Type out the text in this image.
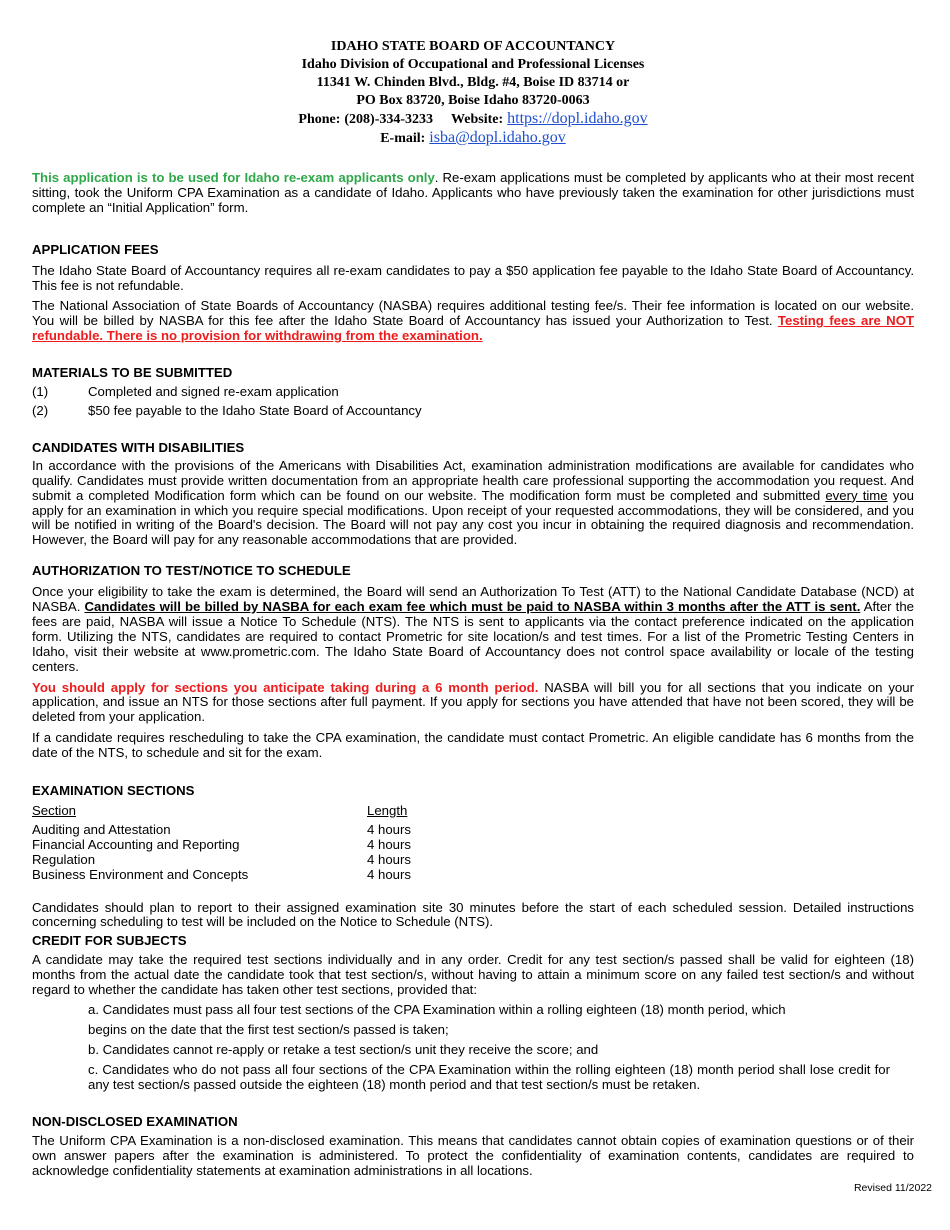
IDAHO STATE BOARD OF ACCOUNTANCY
Idaho Division of Occupational and Professional Licenses
11341 W. Chinden Blvd., Bldg. #4, Boise ID 83714 or
PO Box 83720, Boise Idaho 83720-0063
Phone: (208)-334-3233 Website: https://dopl.idaho.gov
E-mail: isba@dopl.idaho.gov

This application is to be used for Idaho re-exam applicants only. Re-exam applications must be completed by applicants who at their most recent sitting, took the Uniform CPA Examination as a candidate of Idaho. Applicants who have previously taken the examination for other jurisdictions must complete an “Initial Application” form.

APPLICATION FEES

The Idaho State Board of Accountancy requires all re-exam candidates to pay a $50 application fee payable to the Idaho State Board of Accountancy. This fee is not refundable.

The National Association of State Boards of Accountancy (NASBA) requires additional testing fee/s. Their fee information is located on our website. You will be billed by NASBA for this fee after the Idaho State Board of Accountancy has issued your Authorization to Test. Testing fees are NOT refundable. There is no provision for withdrawing from the examination.

MATERIALS TO BE SUBMITTED
(1)	Completed and signed re-exam application
(2)	$50 fee payable to the Idaho State Board of Accountancy
CANDIDATES WITH DISABILITIES

In accordance with the provisions of the Americans with Disabilities Act, examination administration modifications are available for candidates who qualify. Candidates must provide written documentation from an appropriate health care professional supporting the accommodation you request. And submit a completed Modification form which can be found on our website. The modification form must be completed and submitted every time you apply for an examination in which you require special modifications. Upon receipt of your requested accommodations, they will be considered, and you will be notified in writing of the Board's decision. The Board will not pay any cost you incur in obtaining the required diagnosis and recommendation. However, the Board will pay for any reasonable accommodations that are provided.

AUTHORIZATION TO TEST/NOTICE TO SCHEDULE

Once your eligibility to take the exam is determined, the Board will send an Authorization To Test (ATT) to the National Candidate Database (NCD) at NASBA. Candidates will be billed by NASBA for each exam fee which must be paid to NASBA within 3 months after the ATT is sent. After the fees are paid, NASBA will issue a Notice To Schedule (NTS). The NTS is sent to applicants via the contact preference indicated on the application form. Utilizing the NTS, candidates are required to contact Prometric for site location/s and test times. For a list of the Prometric Testing Centers in Idaho, visit their website at www.prometric.com. The Idaho State Board of Accountancy does not control space availability or locale of the testing centers.

You should apply for sections you anticipate taking during a 6 month period. NASBA will bill you for all sections that you indicate on your application, and issue an NTS for those sections after full payment. If you apply for sections you have attended that have not been scored, they will be deleted from your application.

If a candidate requires rescheduling to take the CPA examination, the candidate must contact Prometric. An eligible candidate has 6 months from the date of the NTS, to schedule and sit for the exam.

EXAMINATION SECTIONS
Section	Length

Auditing and Attestation	4 hours
Financial Accounting and Reporting	4 hours
Regulation	4 hours
Business Environment and Concepts	4 hours

Candidates should plan to report to their assigned examination site 30 minutes before the start of each scheduled session. Detailed instructions concerning scheduling to test will be included on the Notice to Schedule (NTS).

CREDIT FOR SUBJECTS

A candidate may take the required test sections individually and in any order. Credit for any test section/s passed shall be valid for eighteen (18) months from the actual date the candidate took that test section/s, without having to attain a minimum score on any failed test section/s and without regard to whether the candidate has taken other test sections, provided that:

a. Candidates must pass all four test sections of the CPA Examination within a rolling eighteen (18) month period, which
begins on the date that the first test section/s passed is taken;
b. Candidates cannot re-apply or retake a test section/s unit they receive the score; and

c. Candidates who do not pass all four sections of the CPA Examination within the rolling eighteen (18) month period shall lose credit for any test section/s passed outside the eighteen (18) month period and that test section/s must be retaken.

NON-DISCLOSED EXAMINATION

The Uniform CPA Examination is a non-disclosed examination. This means that candidates cannot obtain copies of examination questions or of their own answer papers after the examination is administered. To protect the confidentiality of examination contents, candidates are required to acknowledge confidentiality statements at examination administrations in all locations.

Revised 11/2022
